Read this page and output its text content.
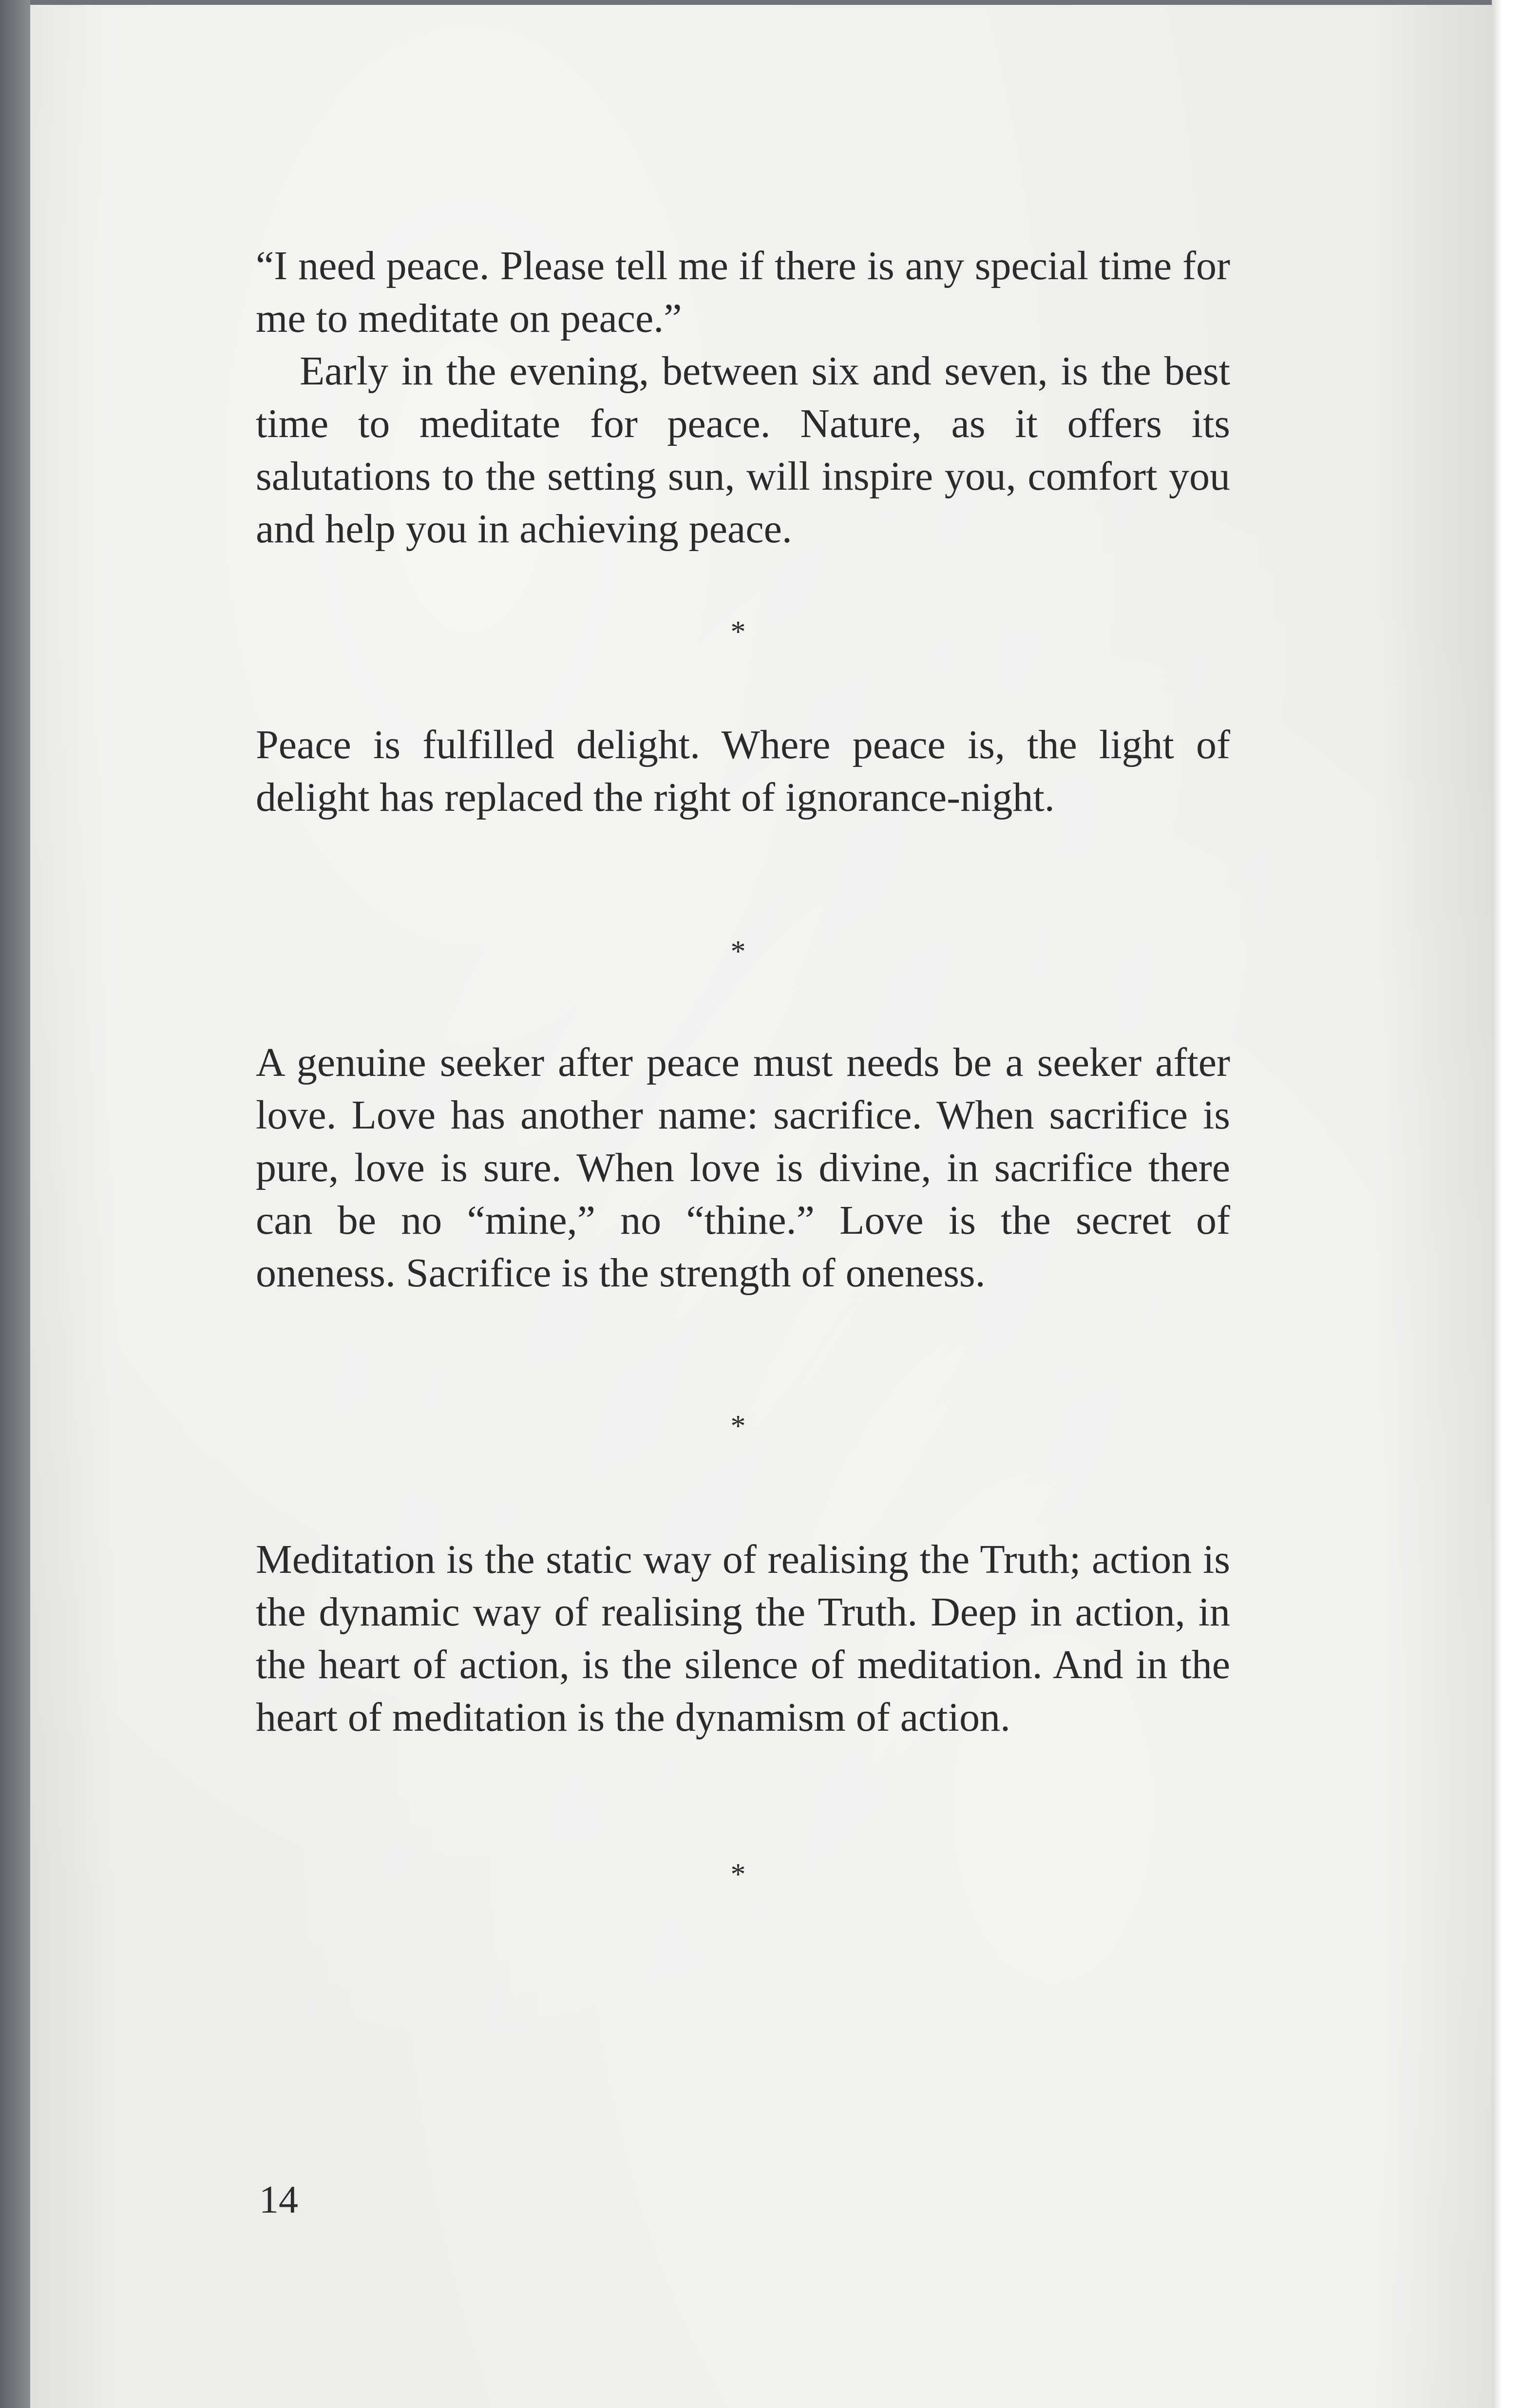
“I need peace. Please tell me if there is any special time for me to meditate on peace.”

Early in the evening, between six and seven, is the best time to meditate for peace. Nature, as it offers its salutations to the setting sun, will inspire you, comfort you and help you in achieving peace.

*

Peace is fulfilled delight. Where peace is, the light of delight has replaced the right of ignorance-night.

*

A genuine seeker after peace must needs be a seeker after love. Love has another name: sacrifice. When sacrifice is pure, love is sure. When love is divine, in sacrifice there can be no “mine,” no “thine.” Love is the secret of oneness. Sacrifice is the strength of oneness.

*

Meditation is the static way of realising the Truth; action is the dynamic way of realising the Truth. Deep in action, in the heart of action, is the silence of meditation. And in the heart of meditation is the dynamism of action.

*

14
